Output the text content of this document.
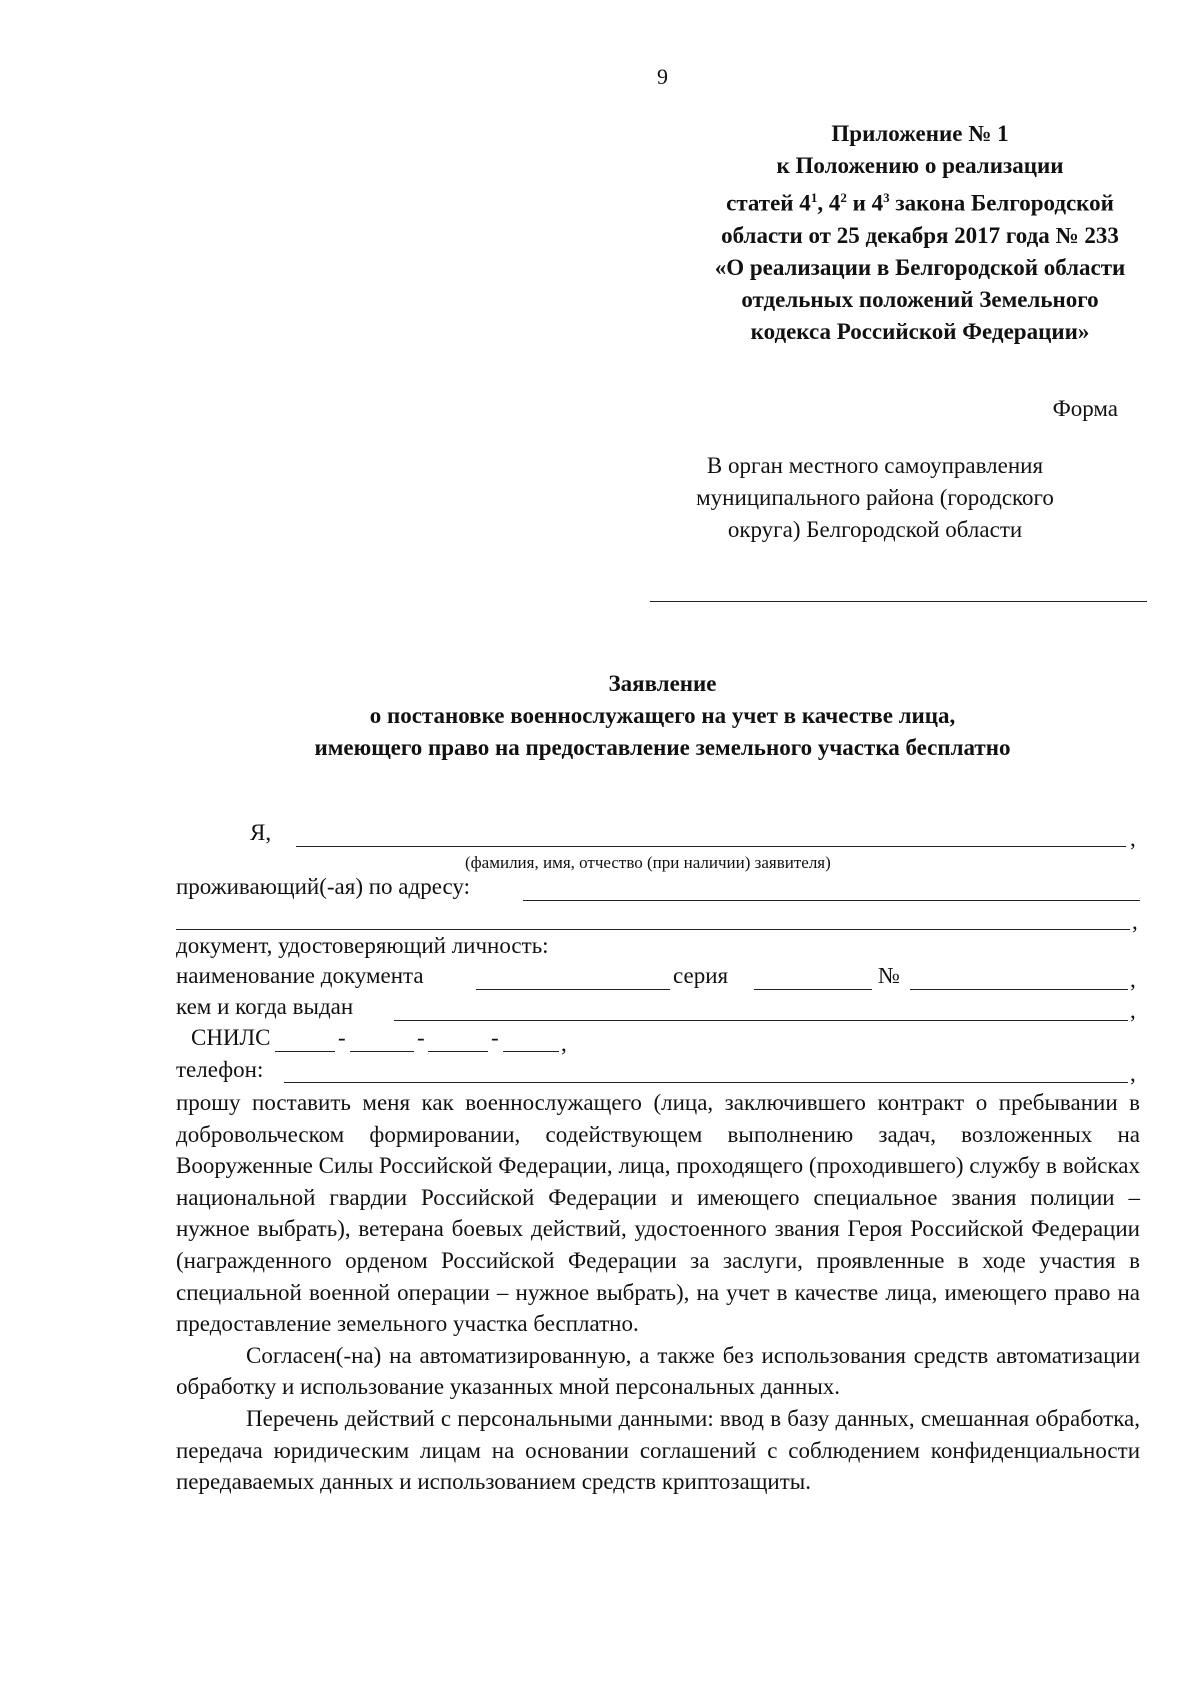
9
Приложение № 1
к Положению о реализации
статей $4^1$, $4^2$ и $4^3$ закона Белгородской
области от 25 декабря 2017 года № 233
«О реализации в Белгородской области
отдельных положений Земельного
кодекса Российской Федерации»
Форма
В орган местного самоуправления
муниципального района (городского
округа) Белгородской области
Заявление
о постановке военнослужащего на учет в качестве лица,
имеющего право на предоставление земельного участка бесплатно
Я,	,
(фамилия, имя, отчество (при наличии) заявителя)
проживающий(-ая) по адресу:
,
документ, удостоверяющий личность:
наименование документа	серия	№	,
кем и когда выдан	,
СНИЛС	-	-	-	,
телефон:	,

прошу поставить меня как военнослужащего (лица, заключившего контракт о пребывании в добровольческом формировании, содействующем выполнению задач, возложенных на Вооруженные Силы Российской Федерации, лица, проходящего (проходившего) службу в войсках национальной гвардии Российской Федерации и имеющего специальное звания полиции – нужное выбрать), ветерана боевых действий, удостоенного звания Героя Российской Федерации (награжденного орденом Российской Федерации за заслуги, проявленные в ходе участия в специальной военной операции – нужное выбрать), на учет в качестве лица, имеющего право на предоставление земельного участка бесплатно.

Согласен(-на) на автоматизированную, а также без использования средств автоматизации обработку и использование указанных мной персональных данных.

Перечень действий с персональными данными: ввод в базу данных, смешанная обработка, передача юридическим лицам на основании соглашений с соблюдением конфиденциальности передаваемых данных и использованием средств криптозащиты.
